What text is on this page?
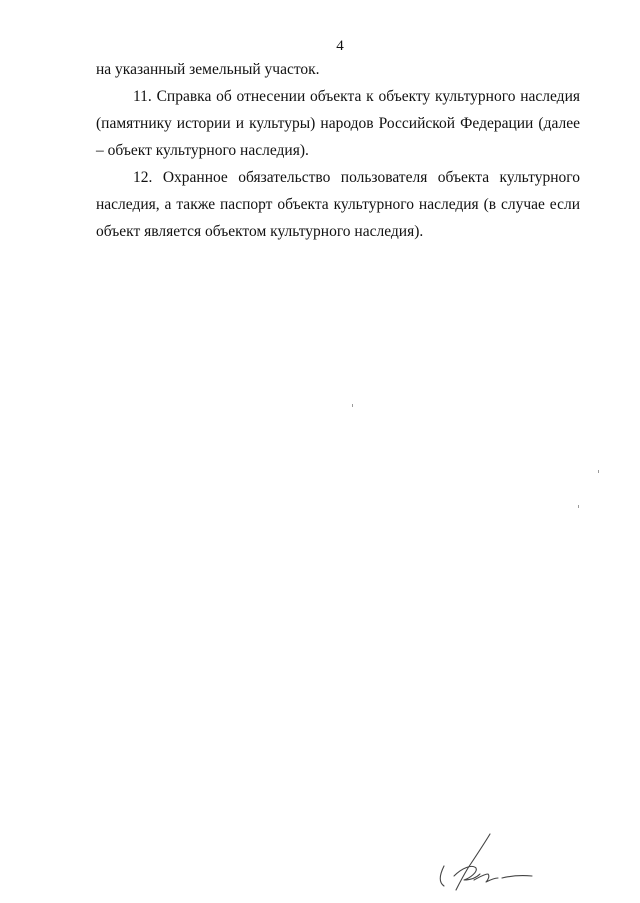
4

на указанный земельный участок.

11. Справка об отнесении объекта к объекту культурного наследия (памятнику истории и культуры) народов Российской Федерации (далее – объект культурного наследия).

12. Охранное обязательство пользователя объекта культурного наследия, а также паспорт объекта культурного наследия (в случае если объект является объектом культурного наследия).
